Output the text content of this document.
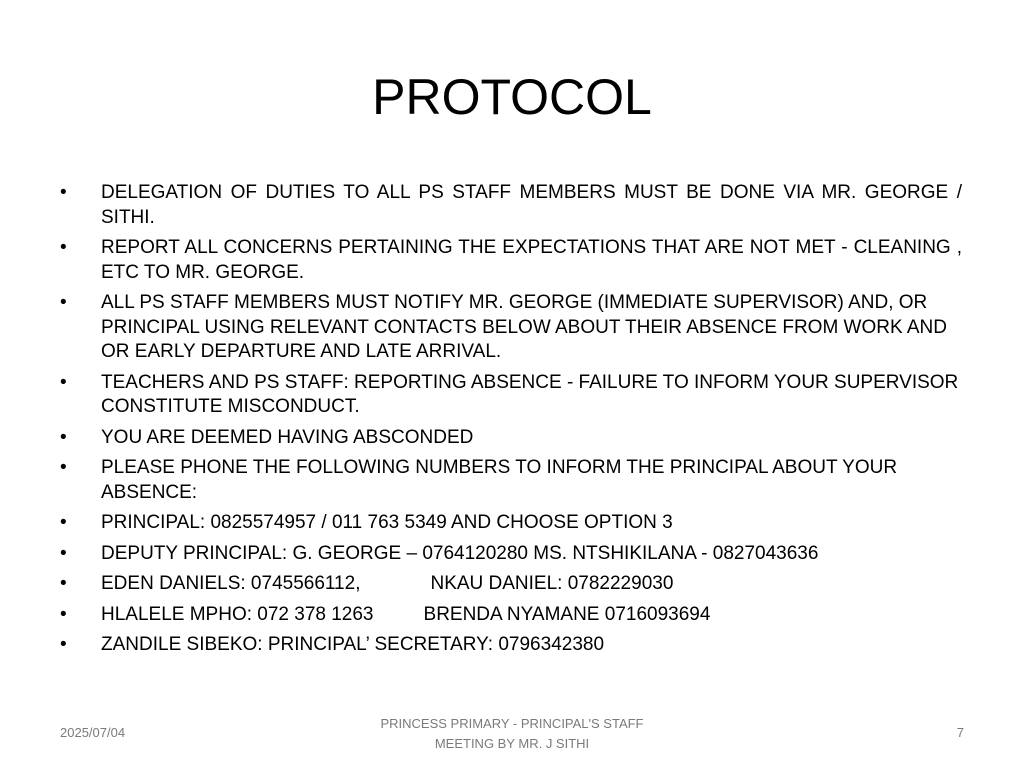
PROTOCOL
•	DELEGATION OF DUTIES TO ALL PS STAFF MEMBERS MUST BE DONE VIA MR. GEORGE / SITHI.
•	REPORT ALL CONCERNS PERTAINING THE EXPECTATIONS THAT ARE NOT MET - CLEANING , ETC TO MR. GEORGE.
•	ALL PS STAFF MEMBERS MUST NOTIFY MR. GEORGE (IMMEDIATE SUPERVISOR) AND, OR PRINCIPAL USING RELEVANT CONTACTS BELOW ABOUT THEIR ABSENCE FROM WORK AND OR EARLY DEPARTURE AND LATE ARRIVAL.
•	TEACHERS AND PS STAFF: REPORTING ABSENCE - FAILURE TO INFORM YOUR SUPERVISOR CONSTITUTE MISCONDUCT.
•	YOU ARE DEEMED HAVING ABSCONDED
•	PLEASE PHONE THE FOLLOWING NUMBERS TO INFORM THE PRINCIPAL ABOUT YOUR ABSENCE:
•	PRINCIPAL: 0825574957 / 011 763 5349 AND CHOOSE OPTION 3
•	DEPUTY PRINCIPAL: G. GEORGE – 0764120280 MS. NTSHIKILANA - 0827043636
•	EDEN DANIELS: 0745566112,	NKAU DANIEL: 0782229030
•	HLALELE MPHO: 072 378 1263	BRENDA NYAMANE 0716093694
•	ZANDILE SIBEKO: PRINCIPAL’ SECRETARY: 0796342380
2025/07/04
PRINCESS PRIMARY - PRINCIPAL'S STAFF
MEETING BY MR. J SITHI
7
